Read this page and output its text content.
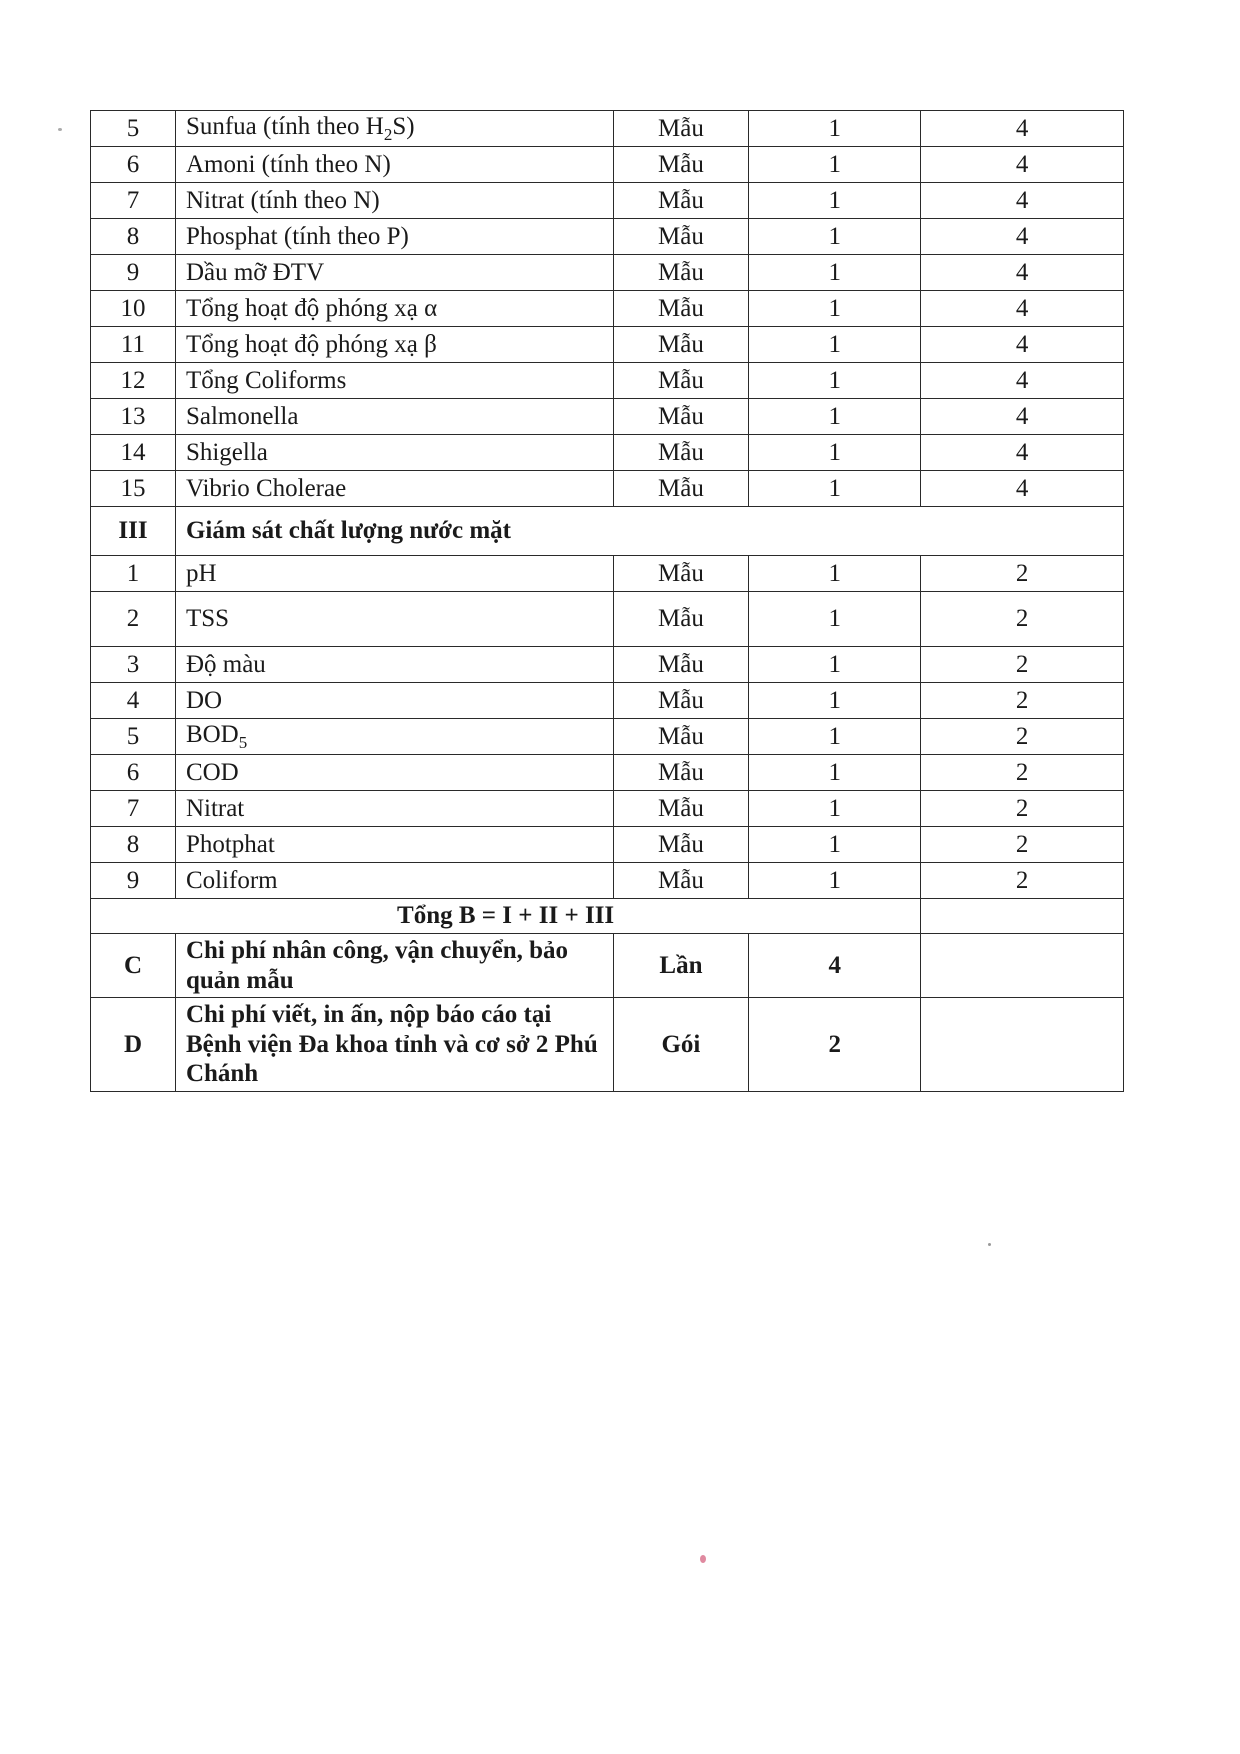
5	Sunfua (tính theo $H_2S$)	Mẫu	1	4
6	Amoni (tính theo N)	Mẫu	1	4
7	Nitrat (tính theo N)	Mẫu	1	4
8	Phosphat (tính theo P)	Mẫu	1	4
9	Dầu mỡ ĐTV	Mẫu	1	4
10	Tổng hoạt độ phóng xạ α	Mẫu	1	4
11	Tổng hoạt độ phóng xạ β	Mẫu	1	4
12	Tổng Coliforms	Mẫu	1	4
13	Salmonella	Mẫu	1	4
14	Shigella	Mẫu	1	4
15	Vibrio Cholerae	Mẫu	1	4
III	Giám sát chất lượng nước mặt			
1	pH	Mẫu	1	2
2	TSS	Mẫu	1	2
3	Độ màu	Mẫu	1	2
4	DO	Mẫu	1	2
5	$BOD_5$	Mẫu	1	2
6	COD	Mẫu	1	2
7	Nitrat	Mẫu	1	2
8	Photphat	Mẫu	1	2
9	Coliform	Mẫu	1	2
Tổng B = I + II + III				
C	Chi phí nhân công, vận chuyển, bảo quản mẫu	Lần	4	
D	Chi phí viết, in ấn, nộp báo cáo tại Bệnh viện Đa khoa tỉnh và cơ sở 2 Phú Chánh	Gói	2	
